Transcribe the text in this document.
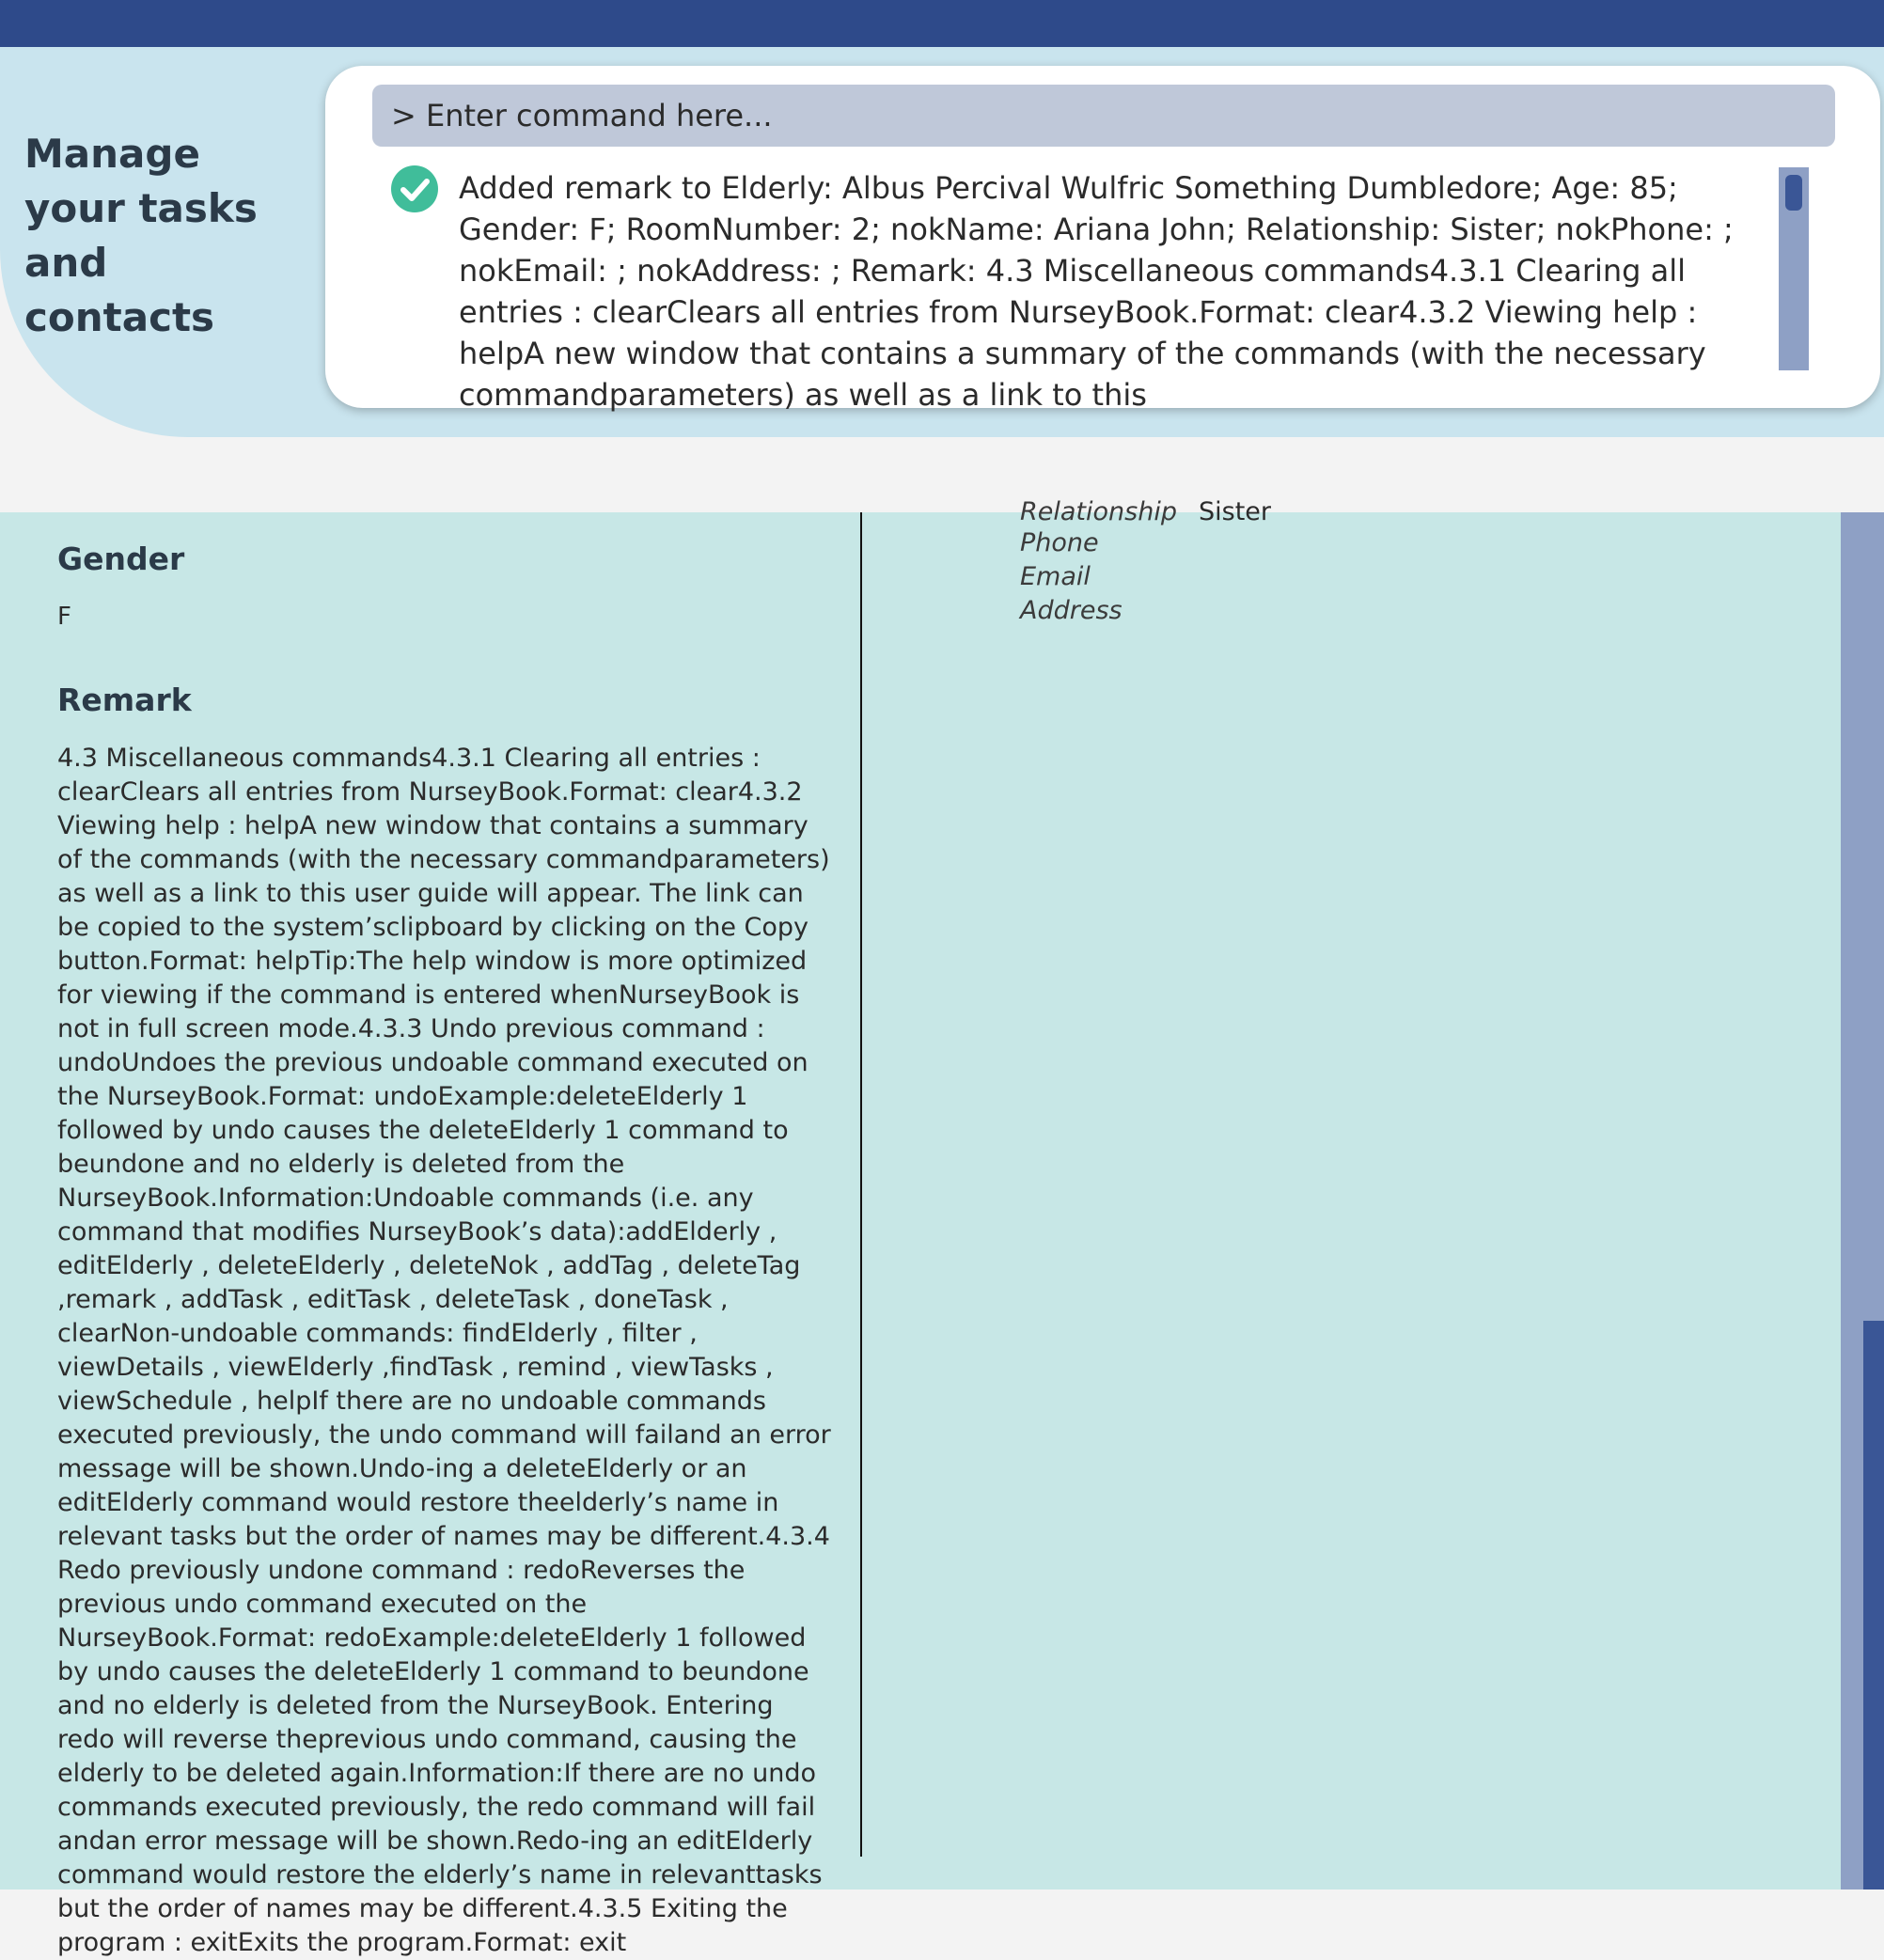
Manage your tasks and contacts
> Enter command here...
Added remark to Elderly: Albus Percival Wulfric Something Dumbledore; Age: 85; Gender: F; RoomNumber: 2; nokName: Ariana John; Relationship: Sister; nokPhone: ; nokEmail: ; nokAddress: ; Remark: 4.3 Miscellaneous commands4.3.1 Clearing all entries : clearClears all entries from NurseyBook.Format: clear4.3.2 Viewing help : helpA new window that contains a summary of the commands (with the necessary commandparameters) as well as a link to this
Gender
F
Remark
4.3 Miscellaneous commands4.3.1 Clearing all entries : clearClears all entries from NurseyBook.Format: clear4.3.2 Viewing help : helpA new window that contains a summary of the commands (with the necessary commandparameters) as well as a link to this user guide will appear. The link can be copied to the system’sclipboard by clicking on the Copy button.Format: helpTip:The help window is more optimized for viewing if the command is entered whenNurseyBook is not in full screen mode.4.3.3 Undo previous command : undoUndoes the previous undoable command executed on the NurseyBook.Format: undoExample:deleteElderly 1 followed by undo causes the deleteElderly 1 command to beundone and no elderly is deleted from the NurseyBook.Information:Undoable commands (i.e. any command that modifies NurseyBook’s data):addElderly , editElderly , deleteElderly , deleteNok , addTag , deleteTag ,remark , addTask , editTask , deleteTask , doneTask , clearNon-undoable commands: findElderly , filter , viewDetails , viewElderly ,findTask , remind , viewTasks , viewSchedule , helpIf there are no undoable commands executed previously, the undo command will failand an error message will be shown.Undo-ing a deleteElderly or an editElderly command would restore theelderly’s name in relevant tasks but the order of names may be different.4.3.4 Redo previously undone command : redoReverses the previous undo command executed on the NurseyBook.Format: redoExample:deleteElderly 1 followed by undo causes the deleteElderly 1 command to beundone and no elderly is deleted from the NurseyBook. Entering redo will reverse theprevious undo command, causing the elderly to be deleted again.Information:If there are no undo commands executed previously, the redo command will fail andan error message will be shown.Redo-ing an editElderly command would restore the elderly’s name in relevanttasks but the order of names may be different.4.3.5 Exiting the program : exitExits the program.Format: exit
Relationship Sister
Phone
Email
Address
